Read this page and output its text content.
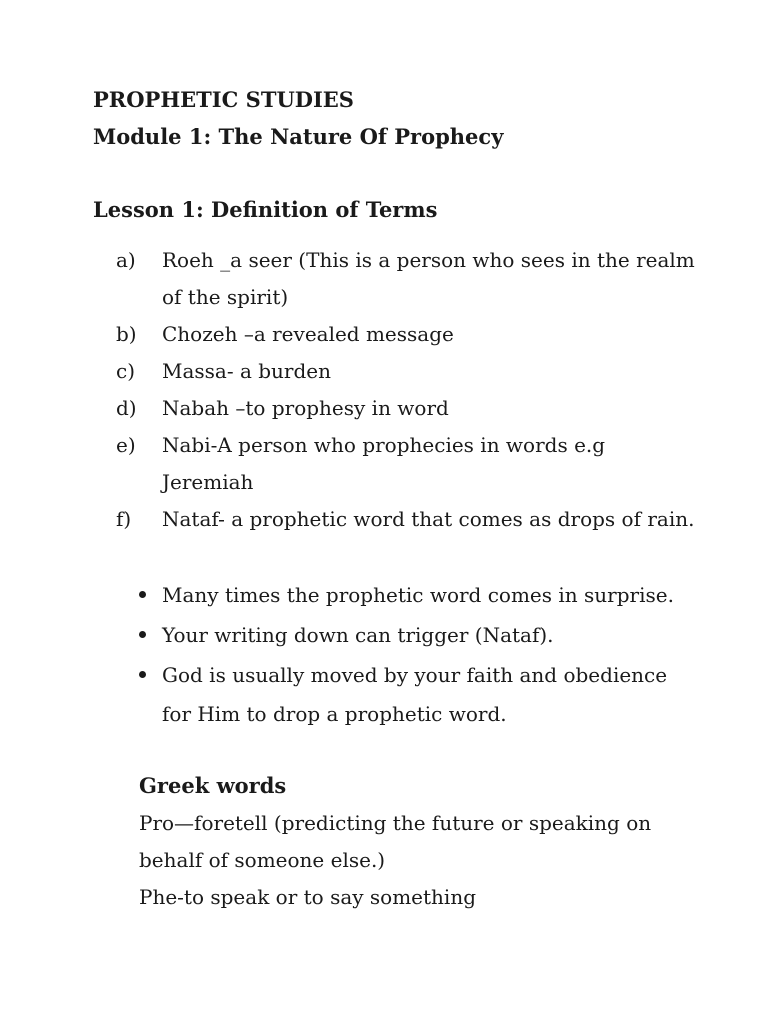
PROPHETIC STUDIES
Module 1: The Nature Of Prophecy
Lesson 1: Definition of Terms
a) Roeh _a seer (This is a person who sees in the realm of the spirit)
b) Chozeh –a revealed message
c) Massa- a burden
d) Nabah –to prophesy in word
e) Nabi-A person who prophecies in words e.g Jeremiah
f) Nataf- a prophetic word that comes as drops of rain.
Many times the prophetic word comes in surprise.
Your writing down can trigger (Nataf).
God is usually moved by your faith and obedience for Him to drop a prophetic word.
Greek words
Pro—foretell (predicting the future or speaking on behalf of someone else.)
Phe-to speak or to say something
